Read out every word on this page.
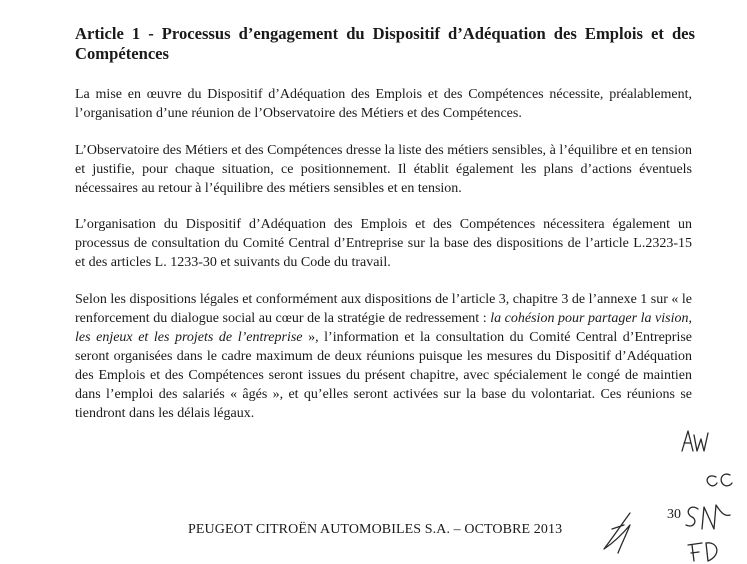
Article 1 - Processus d’engagement du Dispositif d’Adéquation des Emplois et des Compétences
La mise en œuvre du Dispositif d’Adéquation des Emplois et des Compétences nécessite, préalablement, l’organisation d’une réunion de l’Observatoire des Métiers et des Compétences.
L’Observatoire des Métiers et des Compétences dresse la liste des métiers sensibles, à l’équilibre et en tension et justifie, pour chaque situation, ce positionnement. Il établit également les plans d’actions éventuels nécessaires au retour à l’équilibre des métiers sensibles et en tension.
L’organisation du Dispositif d’Adéquation des Emplois et des Compétences nécessitera également un processus de consultation du Comité Central d’Entreprise sur la base des dispositions de l’article L.2323-15 et des articles L. 1233-30 et suivants du Code du travail.
Selon les dispositions légales et conformément aux dispositions de l’article 3, chapitre 3 de l’annexe 1 sur « le renforcement du dialogue social au cœur de la stratégie de redressement : la cohésion pour partager la vision, les enjeux et les projets de l’entreprise », l’information et la consultation du Comité Central d’Entreprise seront organisées dans le cadre maximum de deux réunions puisque les mesures du Dispositif d’Adéquation des Emplois et des Compétences seront issues du présent chapitre, avec spécialement le congé de maintien dans l’emploi des salariés « âgés », et qu’elles seront activées sur la base du volontariat. Ces réunions se tiendront dans les délais légaux.
30
PEUGEOT CITROËN AUTOMOBILES S.A. – OCTOBRE 2013
